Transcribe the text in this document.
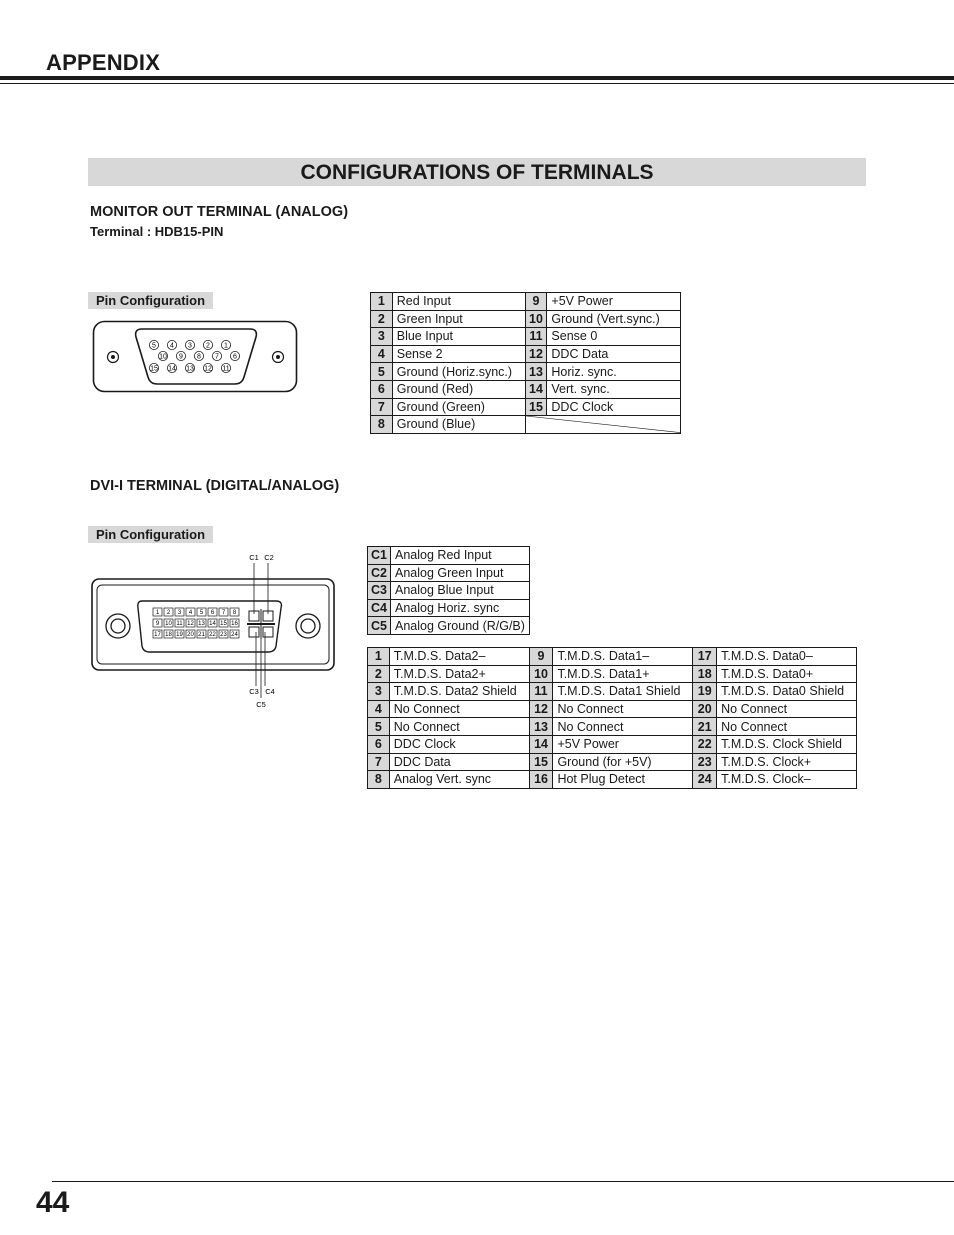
APPENDIX
CONFIGURATIONS OF TERMINALS
MONITOR OUT TERMINAL (ANALOG)
Terminal : HDB15-PIN
Pin Configuration
5 4 3 2 1
10 9 8 7 6
15 14 13 12 11
1	Red Input	9	+5V Power
2	Green Input	10	Ground (Vert.sync.)
3	Blue Input	11	Sense 0
4	Sense 2	12	DDC Data
5	Ground (Horiz.sync.)	13	Horiz. sync.
6	Ground (Red)	14	Vert. sync.
7	Ground (Green)	15	DDC Clock
8	Ground (Blue)	
DVI-I TERMINAL (DIGITAL/ANALOG)
Pin Configuration
1 2 3 4 5 6 7 8
9 10 11 12 13 14 15 16
17 18 19 20 21 22 23 24
C1 C2
C3 C4
C5
C1	Analog Red Input
C2	Analog Green Input
C3	Analog Blue Input
C4	Analog Horiz. sync
C5	Analog Ground (R/G/B)
1	T.M.D.S. Data2–	9	T.M.D.S. Data1–	17	T.M.D.S. Data0–
2	T.M.D.S. Data2+	10	T.M.D.S. Data1+	18	T.M.D.S. Data0+
3	T.M.D.S. Data2 Shield	11	T.M.D.S. Data1 Shield	19	T.M.D.S. Data0 Shield
4	No Connect	12	No Connect	20	No Connect
5	No Connect	13	No Connect	21	No Connect
6	DDC Clock	14	+5V Power	22	T.M.D.S. Clock Shield
7	DDC Data	15	Ground (for +5V)	23	T.M.D.S. Clock+
8	Analog Vert. sync	16	Hot Plug Detect	24	T.M.D.S. Clock–
44
